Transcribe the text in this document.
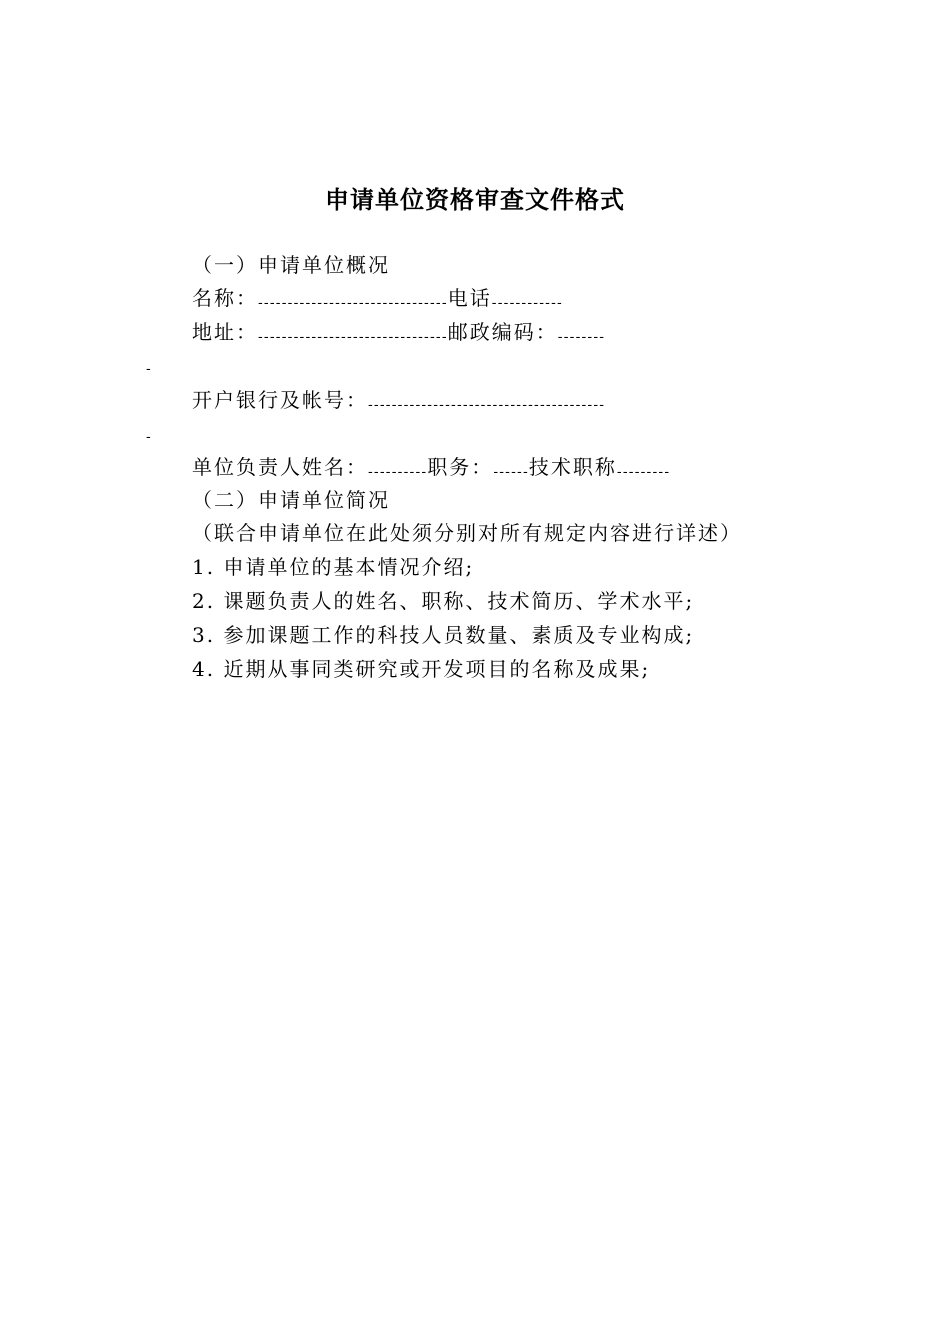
申请单位资格审查文件格式
（一）申请单位概况
名称：--------------------------------电话------------
地址：--------------------------------邮政编码：--------
-
开户银行及帐号：----------------------------------------
-
单位负责人姓名：----------职务：------技术职称---------
（二）申请单位简况
（联合申请单位在此处须分别对所有规定内容进行详述）
1. 申请单位的基本情况介绍;
2. 课题负责人的姓名、职称、技术简历、学术水平;
3. 参加课题工作的科技人员数量、素质及专业构成;
4. 近期从事同类研究或开发项目的名称及成果;
